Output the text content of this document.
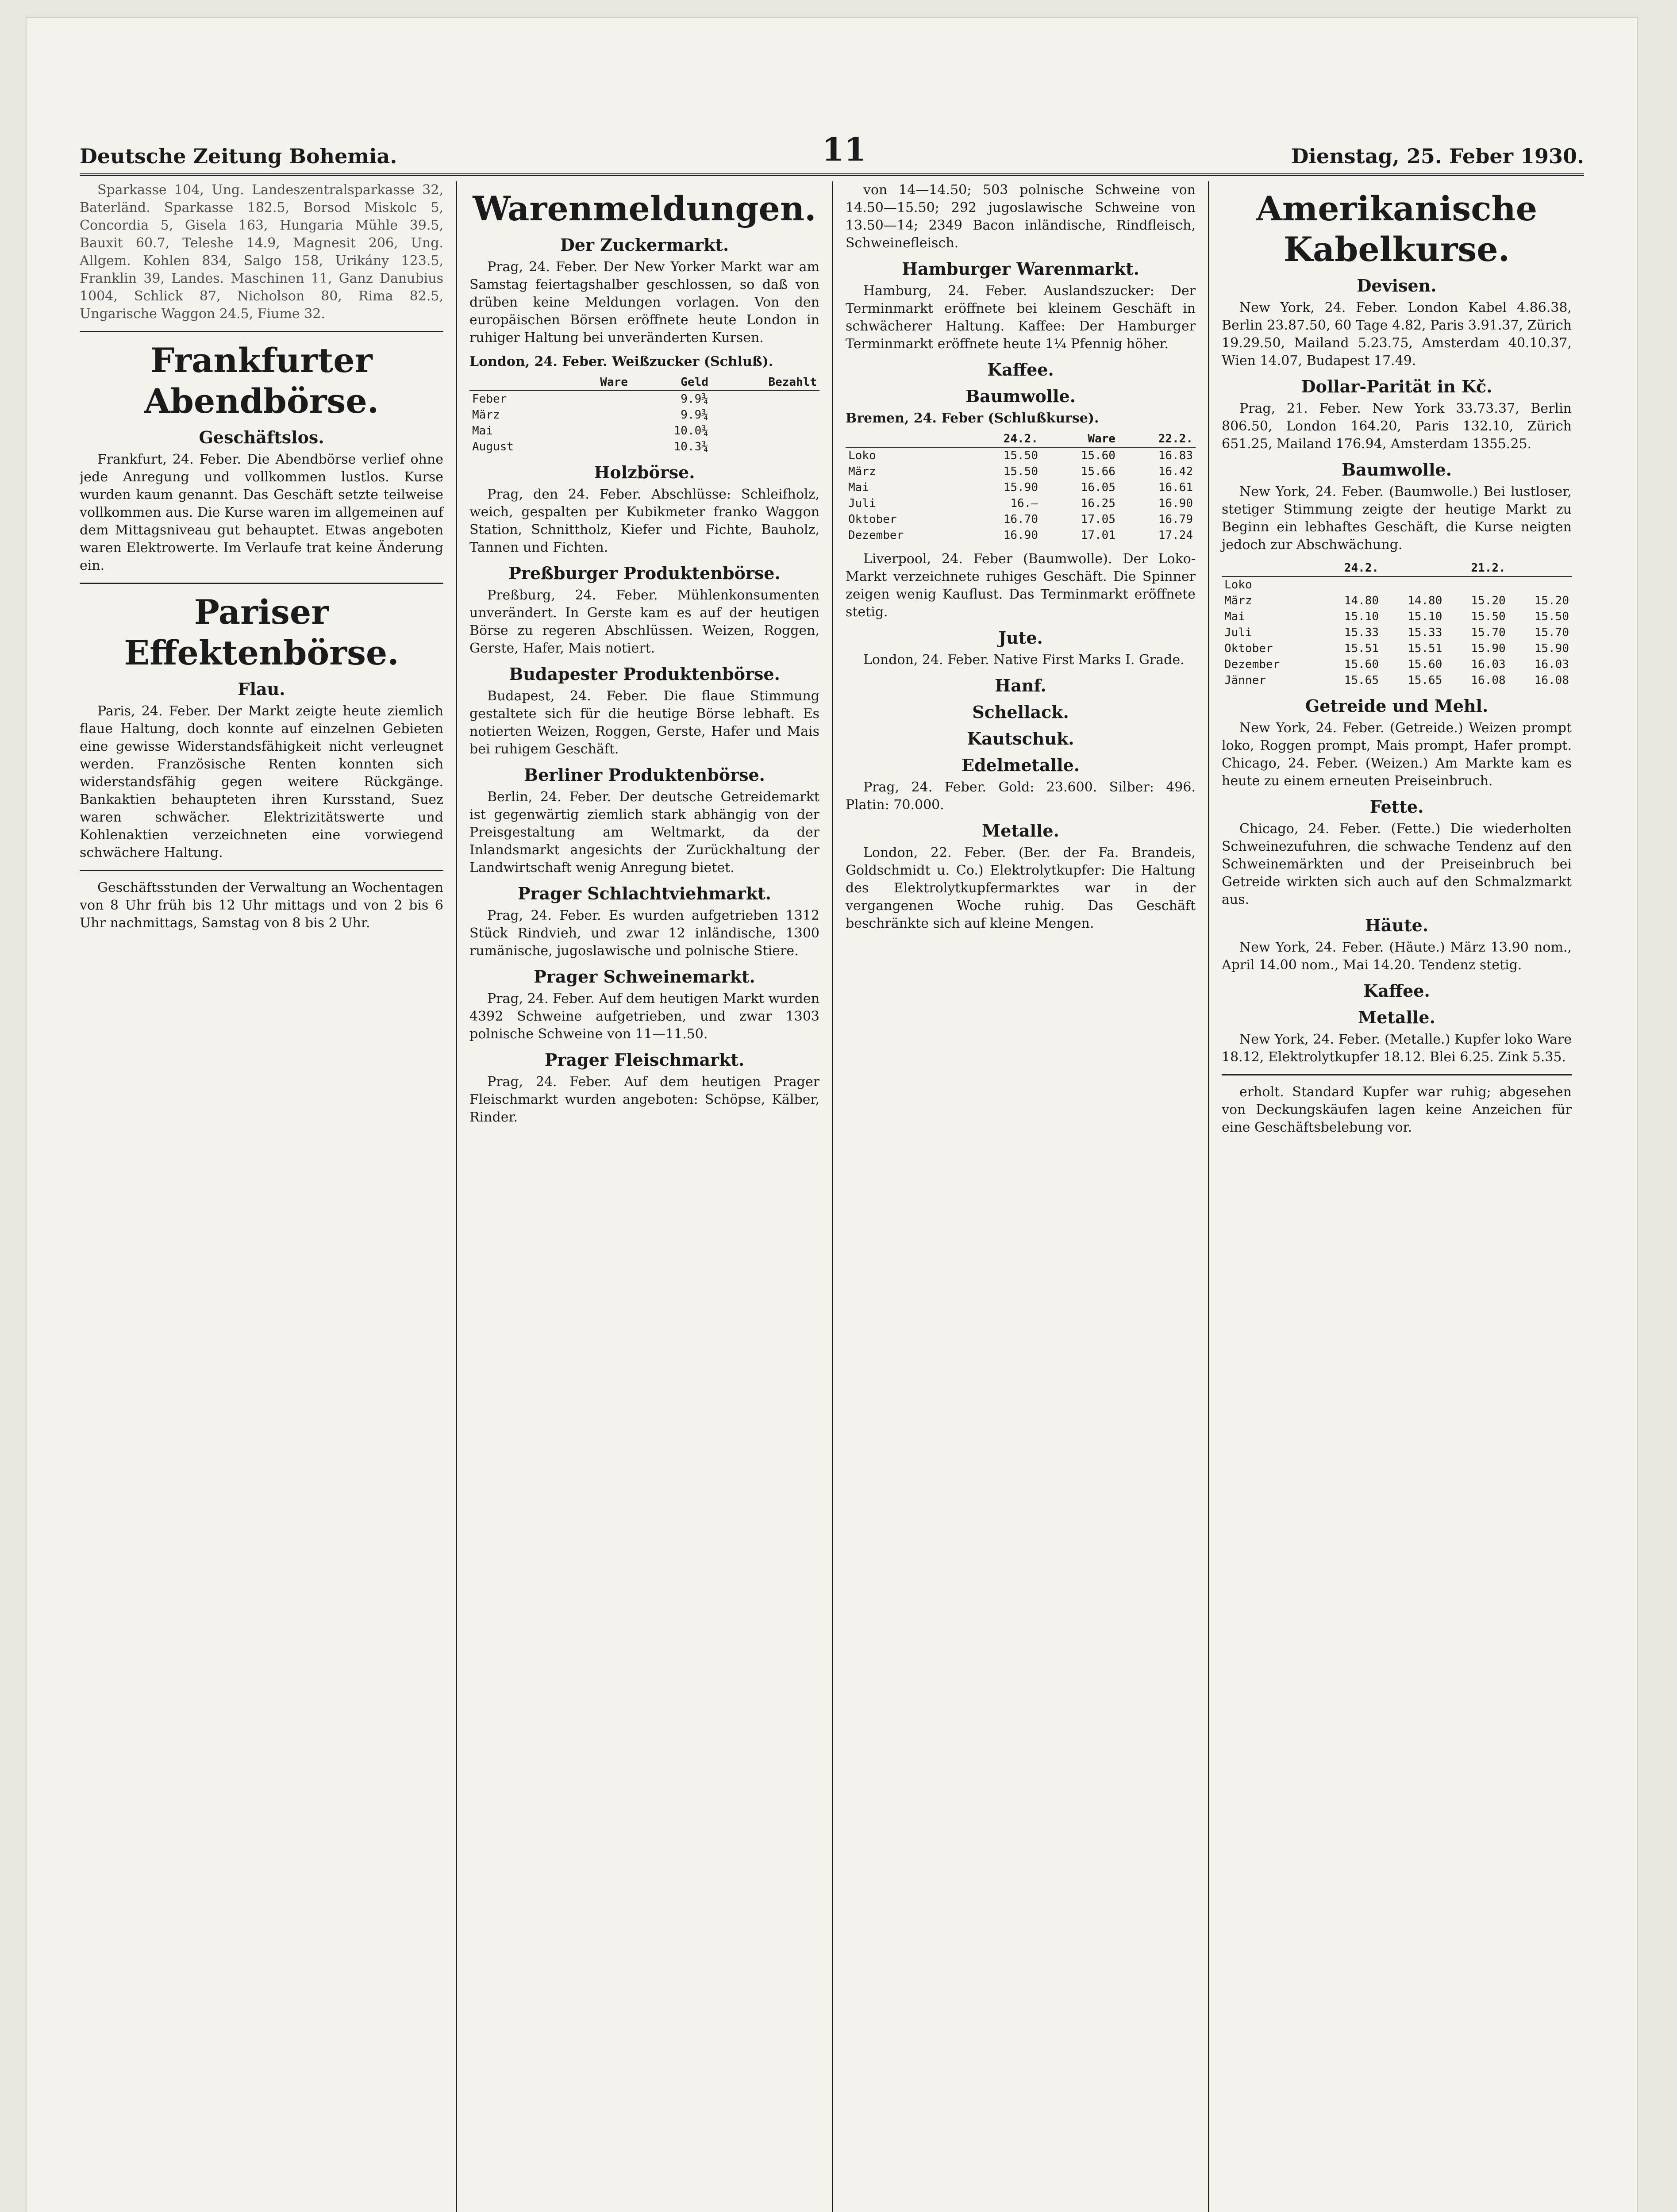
Deutsche Zeitung Bohemia.	11	Dienstag, 25. Feber 1930.

Sparkasse 104, Ung. Landeszentralsparkasse 32, Baterländ. Sparkasse 182.5, Borsod Miskolc 5, Concordia 5, Gisela 163, Hungaria Mühle 39.5, Bauxit 60.7, Teleshe 14.9, Magnesit 206, Ung. Allgem. Kohlen 834, Salgo 158, Urikány 123.5, Franklin 39, Landes. Maschinen 11, Ganz Danubius 1004, Schlick 87, Nicholson 80, Rima 82.5, Ungarische Waggon 24.5, Fiume 32.

Frankfurter Abendbörse.
Geschäftslos.

Frankfurt, 24. Feber. Die Abendbörse verlief ohne jede Anregung und vollkommen lustlos. Kurse wurden kaum genannt. Das Geschäft setzte teilweise vollkommen aus. Die Kurse waren im allgemeinen auf dem Mittagsniveau gut behauptet. Etwas angeboten waren Elektrowerte. Im Verlaufe trat keine Änderung ein.

Pariser Effektenbörse.
Flau.

Paris, 24. Feber. Der Markt zeigte heute ziemlich flaue Haltung, doch konnte auf einzelnen Gebieten eine gewisse Widerstandsfähigkeit nicht verleugnet werden. Französische Renten konnten sich widerstandsfähig gegen weitere Rückgänge. Bankaktien behaupteten ihren Kursstand, Suez waren schwächer. Elektrizitätswerte und Kohlenaktien verzeichneten eine vorwiegend schwächere Haltung.

Geschäftsstunden der Verwaltung an Wochentagen von 8 Uhr früh bis 12 Uhr mittags und von 2 bis 6 Uhr nachmittags, Samstag von 8 bis 2 Uhr.

Warenmeldungen.
Der Zuckermarkt.

Prag, 24. Feber. Der New Yorker Markt war am Samstag feiertagshalber geschlossen, so daß von drüben keine Meldungen vorlagen. Von den europäischen Börsen eröffnete heute London in ruhiger Haltung bei unveränderten Kursen.

London, 24. Feber. Weißzucker (Schluß).
	Ware	Geld	Bezahlt
Feber		9.9¾	
März		9.9¾	
Mai		10.0¾	
August		10.3¾	
Holzbörse.

Prag, den 24. Feber. Abschlüsse: Schleifholz, weich, gespalten per Kubikmeter franko Waggon Station, Schnittholz, Kiefer und Fichte, Bauholz, Tannen und Fichten.

Preßburger Produktenbörse.

Preßburg, 24. Feber. Mühlenkonsumenten unverändert. In Gerste kam es auf der heutigen Börse zu regeren Abschlüssen. Weizen, Roggen, Gerste, Hafer, Mais notiert.

Budapester Produktenbörse.

Budapest, 24. Feber. Die flaue Stimmung gestaltete sich für die heutige Börse lebhaft. Es notierten Weizen, Roggen, Gerste, Hafer und Mais bei ruhigem Geschäft.

Berliner Produktenbörse.

Berlin, 24. Feber. Der deutsche Getreidemarkt ist gegenwärtig ziemlich stark abhängig von der Preisgestaltung am Weltmarkt, da der Inlandsmarkt angesichts der Zurückhaltung der Landwirtschaft wenig Anregung bietet.

Prager Schlachtviehmarkt.

Prag, 24. Feber. Es wurden aufgetrieben 1312 Stück Rindvieh, und zwar 12 inländische, 1300 rumänische, jugoslawische und polnische Stiere.

Prager Schweinemarkt.

Prag, 24. Feber. Auf dem heutigen Markt wurden 4392 Schweine aufgetrieben, und zwar 1303 polnische Schweine von 11—11.50.

Prager Fleischmarkt.

Prag, 24. Feber. Auf dem heutigen Prager Fleischmarkt wurden angeboten: Schöpse, Kälber, Rinder.

von 14—14.50; 503 polnische Schweine von 14.50—15.50; 292 jugoslawische Schweine von 13.50—14; 2349 Bacon inländische, Rindfleisch, Schweinefleisch.

Hamburger Warenmarkt.

Hamburg, 24. Feber. Auslandszucker: Der Terminmarkt eröffnete bei kleinem Geschäft in schwächerer Haltung. Kaffee: Der Hamburger Terminmarkt eröffnete heute 1¼ Pfennig höher.

Kaffee.
Baumwolle.
Bremen, 24. Feber (Schlußkurse).
	24.2.	Ware	22.2.
Loko	15.50	15.60	16.83
März	15.50	15.66	16.42
Mai	15.90	16.05	16.61
Juli	16.—	16.25	16.90
Oktober	16.70	17.05	16.79
Dezember	16.90	17.01	17.24

Liverpool, 24. Feber (Baumwolle). Der Loko-Markt verzeichnete ruhiges Geschäft. Die Spinner zeigen wenig Kauflust. Das Terminmarkt eröffnete stetig.

Jute.

London, 24. Feber. Native First Marks I. Grade.

Hanf.
Schellack.
Kautschuk.
Edelmetalle.

Prag, 24. Feber. Gold: 23.600. Silber: 496. Platin: 70.000.

Metalle.

London, 22. Feber. (Ber. der Fa. Brandeis, Goldschmidt u. Co.) Elektrolytkupfer: Die Haltung des Elektrolytkupfermarktes war in der vergangenen Woche ruhig. Das Geschäft beschränkte sich auf kleine Mengen.

Amerikanische Kabelkurse.
Devisen.

New York, 24. Feber. London Kabel 4.86.38, Berlin 23.87.50, 60 Tage 4.82, Paris 3.91.37, Zürich 19.29.50, Mailand 5.23.75, Amsterdam 40.10.37, Wien 14.07, Budapest 17.49.

Dollar-Parität in Kč.

Prag, 21. Feber. New York 33.73.37, Berlin 806.50, London 164.20, Paris 132.10, Zürich 651.25, Mailand 176.94, Amsterdam 1355.25.

Baumwolle.

New York, 24. Feber. (Baumwolle.) Bei lustloser, stetiger Stimmung zeigte der heutige Markt zu Beginn ein lebhaftes Geschäft, die Kurse neigten jedoch zur Abschwächung.

	24.2.		21.2.	
Loko				
März	14.80	14.80	15.20	15.20
Mai	15.10	15.10	15.50	15.50
Juli	15.33	15.33	15.70	15.70
Oktober	15.51	15.51	15.90	15.90
Dezember	15.60	15.60	16.03	16.03
Jänner	15.65	15.65	16.08	16.08
Getreide und Mehl.

New York, 24. Feber. (Getreide.) Weizen prompt loko, Roggen prompt, Mais prompt, Hafer prompt. Chicago, 24. Feber. (Weizen.) Am Markte kam es heute zu einem erneuten Preiseinbruch.

Fette.

Chicago, 24. Feber. (Fette.) Die wiederholten Schweinezufuhren, die schwache Tendenz auf den Schweinemärkten und der Preiseinbruch bei Getreide wirkten sich auch auf den Schmalzmarkt aus.

Häute.

New York, 24. Feber. (Häute.) März 13.90 nom., April 14.00 nom., Mai 14.20. Tendenz stetig.

Kaffee.
Metalle.

New York, 24. Feber. (Metalle.) Kupfer loko Ware 18.12, Elektrolytkupfer 18.12. Blei 6.25. Zink 5.35.

erholt. Standard Kupfer war ruhig; abgesehen von Deckungskäufen lagen keine Anzeichen für eine Geschäftsbelebung vor.
